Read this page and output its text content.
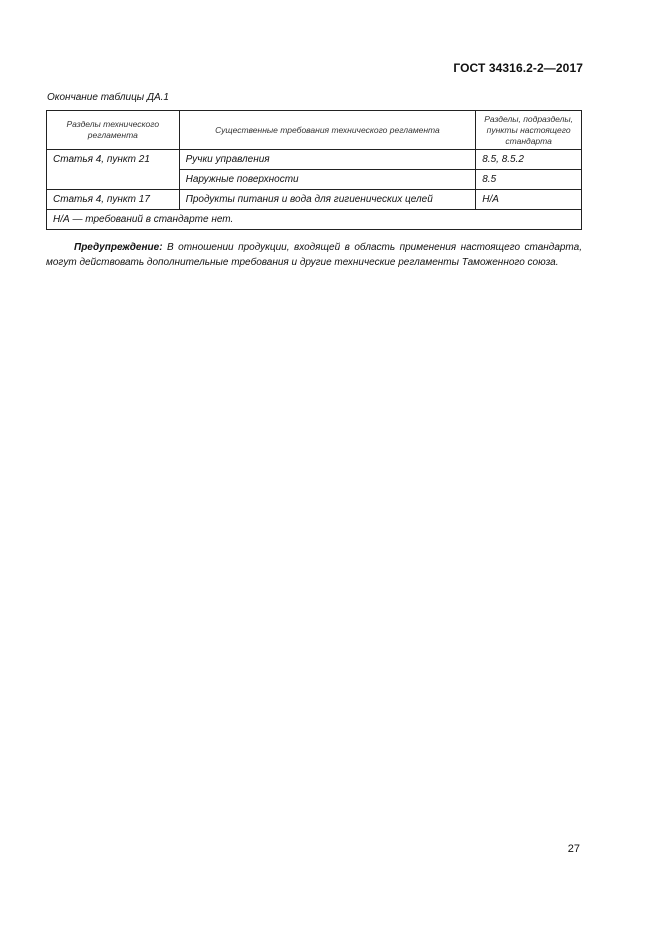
ГОСТ 34316.2-2—2017
Окончание таблицы ДА.1
Разделы технического регламента	Существенные требования технического регламента	Разделы, подразделы, пункты настоящего стандарта
Статья 4, пункт 21	Ручки управления	8.5, 8.5.2
	Наружные поверхности	8.5
Статья 4, пункт 17	Продукты питания и вода для гигиенических целей	Н/А
Н/А — требований в стандарте нет.		
Предупреждение: В отношении продукции, входящей в область применения настоящего стандарта, могут действовать дополнительные требования и другие технические регламенты Таможенного союза.
27
